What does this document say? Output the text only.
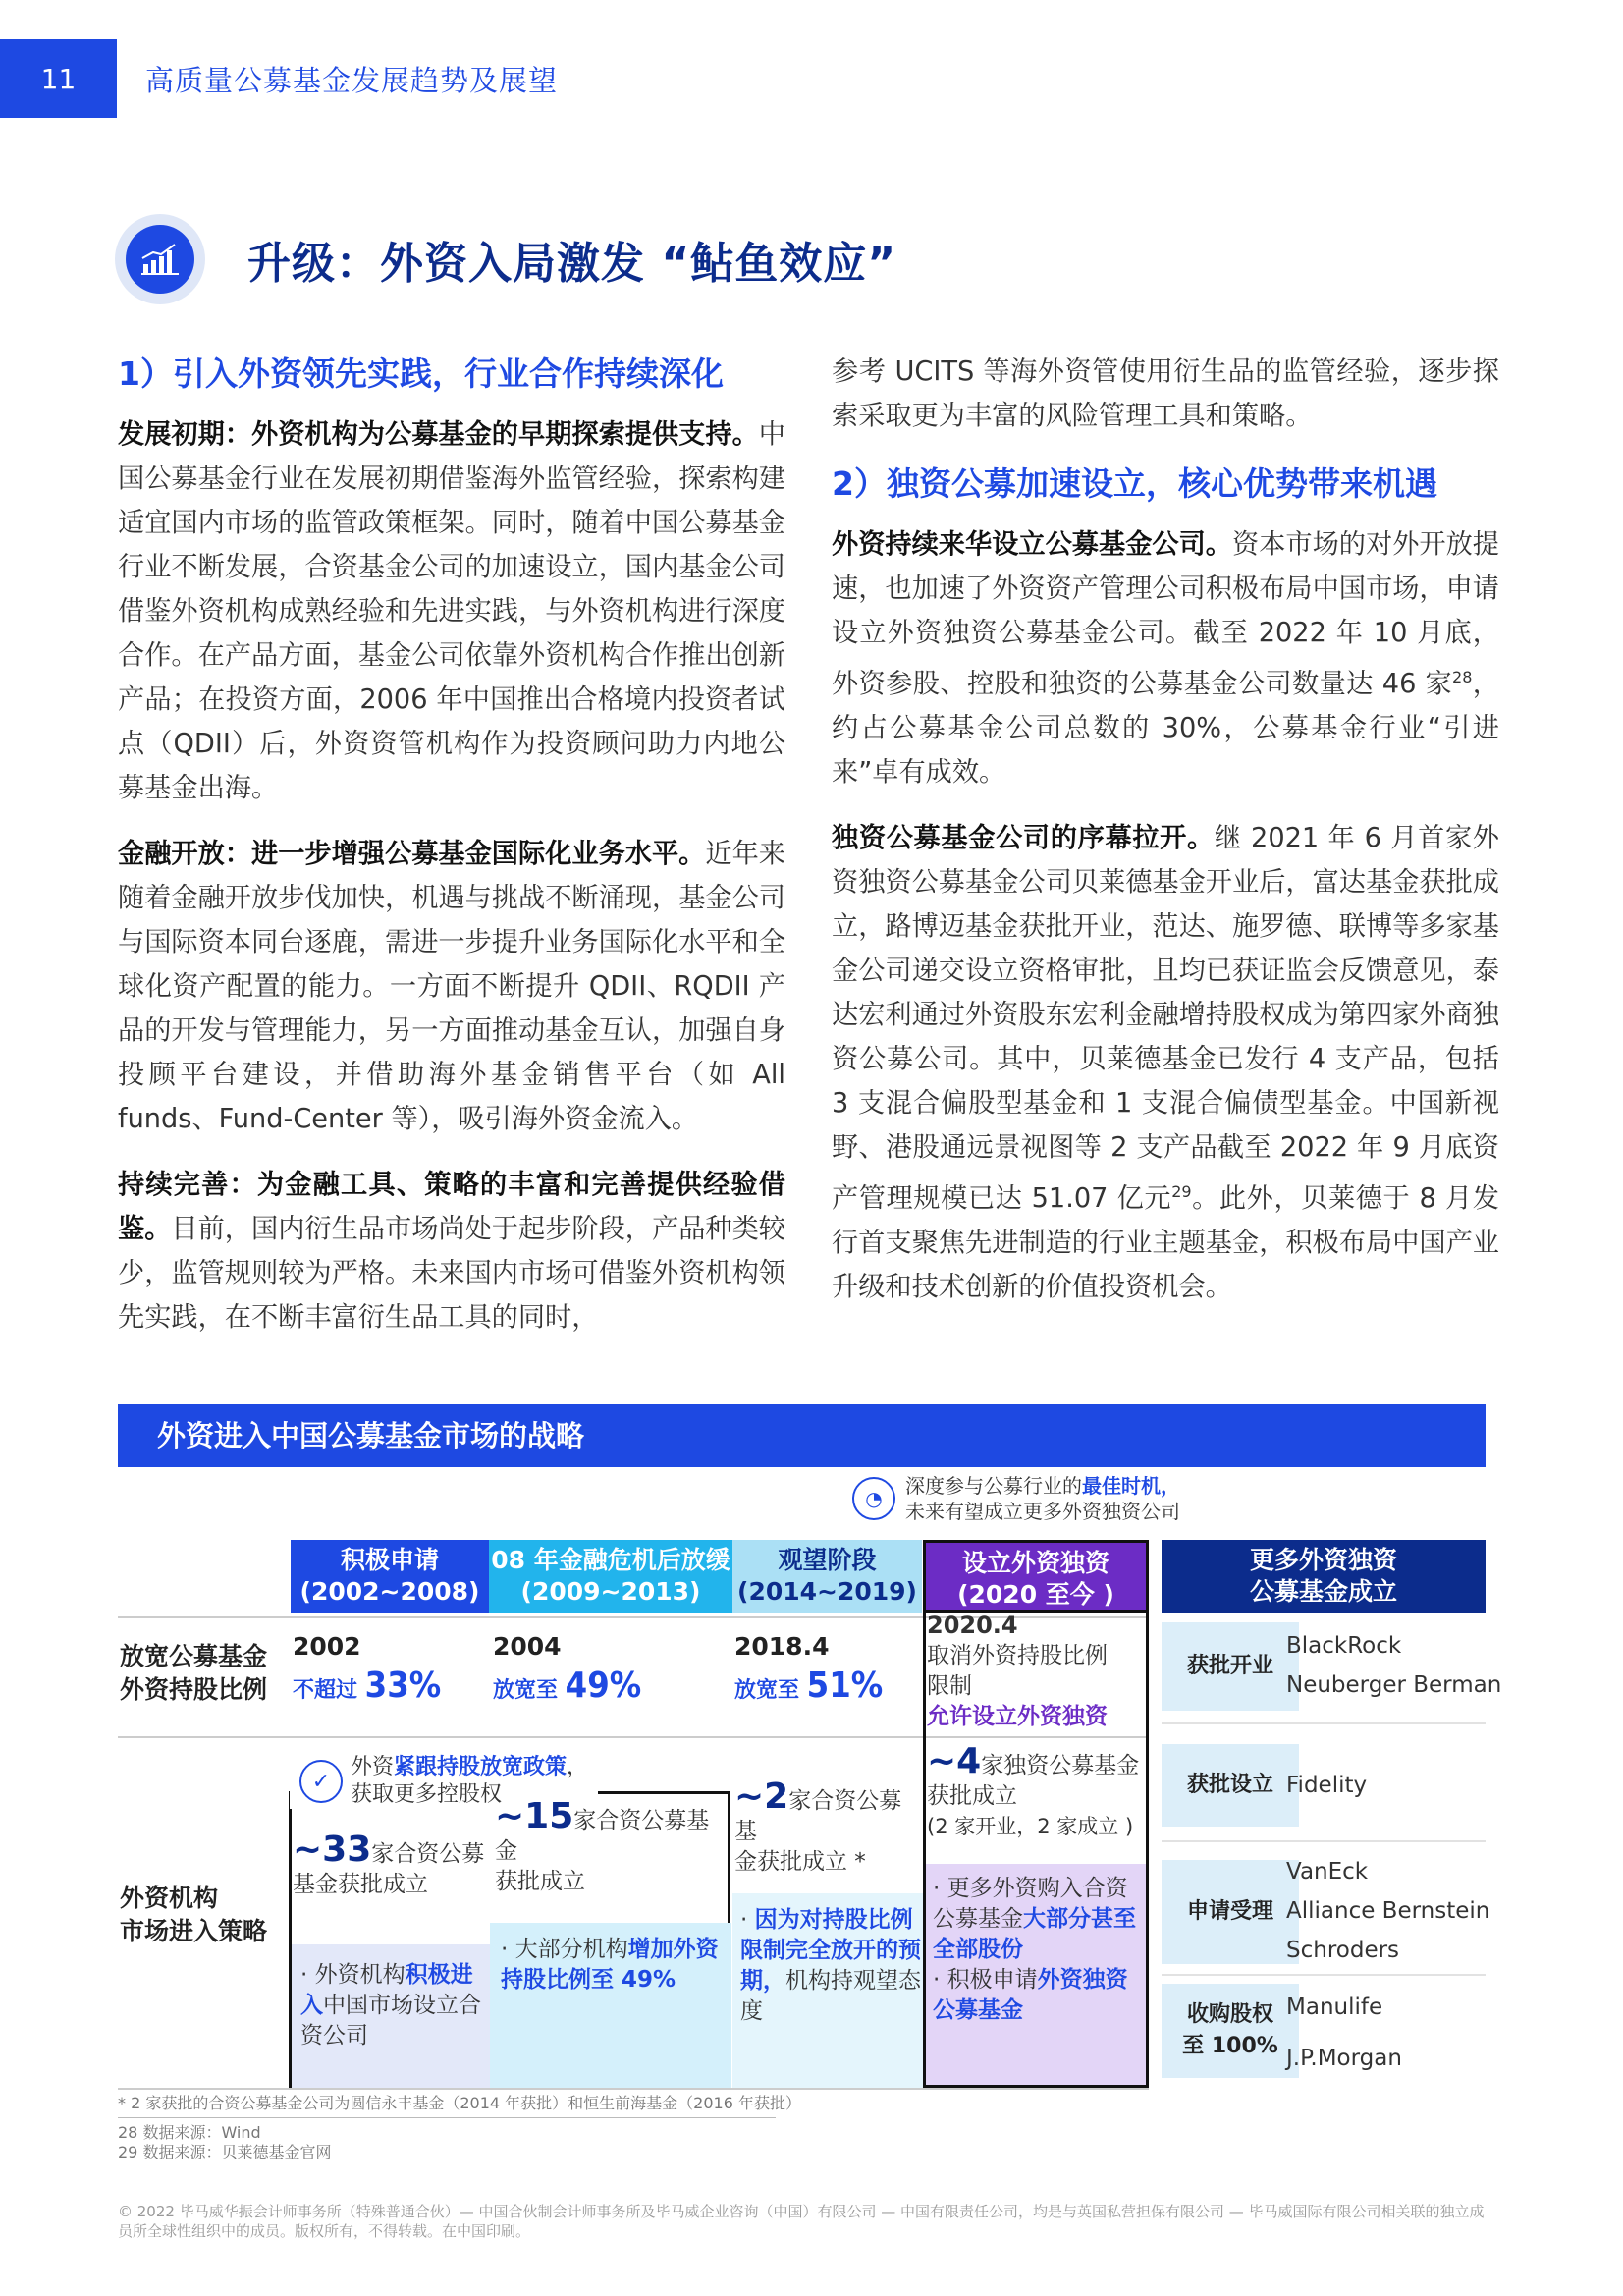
11	高质量公募基金发展趋势及展望
升级：外资入局激发 “鲇鱼效应”
1）引入外资领先实践，行业合作持续深化

发展初期：外资机构为公募基金的早期探索提供支持。中国公募基金行业在发展初期借鉴海外监管经验，探索构建适宜国内市场的监管政策框架。同时，随着中国公募基金行业不断发展，合资基金公司的加速设立，国内基金公司借鉴外资机构成熟经验和先进实践，与外资机构进行深度合作。在产品方面，基金公司依靠外资机构合作推出创新产品；在投资方面，2006 年中国推出合格境内投资者试点（QDII）后，外资资管机构作为投资顾问助力内地公募基金出海。

金融开放：进一步增强公募基金国际化业务水平。近年来随着金融开放步伐加快，机遇与挑战不断涌现，基金公司与国际资本同台逐鹿，需进一步提升业务国际化水平和全球化资产配置的能力。一方面不断提升 QDII、RQDII 产品的开发与管理能力，另一方面推动基金互认，加强自身投顾平台建设，并借助海外基金销售平台（如 All funds、Fund-Center 等），吸引海外资金流入。

持续完善：为金融工具、策略的丰富和完善提供经验借鉴。目前，国内衍生品市场尚处于起步阶段，产品种类较少，监管规则较为严格。未来国内市场可借鉴外资机构领先实践，在不断丰富衍生品工具的同时，

参考 UCITS 等海外资管使用衍生品的监管经验，逐步探索采取更为丰富的风险管理工具和策略。

2）独资公募加速设立，核心优势带来机遇

外资持续来华设立公募基金公司。资本市场的对外开放提速，也加速了外资资产管理公司积极布局中国市场，申请设立外资独资公募基金公司。截至 2022 年 10 月底，外资参股、控股和独资的公募基金公司数量达 46 家$^{28}$，约占公募基金公司总数的 30%，公募基金行业“引进来”卓有成效。

独资公募基金公司的序幕拉开。继 2021 年 6 月首家外资独资公募基金公司贝莱德基金开业后，富达基金获批成立，路博迈基金获批开业，范达、施罗德、联博等多家基金公司递交设立资格审批，且均已获证监会反馈意见，泰达宏利通过外资股东宏利金融增持股权成为第四家外商独资公募公司。其中，贝莱德基金已发行 4 支产品，包括 3 支混合偏股型基金和 1 支混合偏债型基金。中国新视野、港股通远景视图等 2 支产品截至 2022 年 9 月底资产管理规模已达 51.07 亿元$^{29}$。此外，贝莱德于 8 月发行首支聚焦先进制造的行业主题基金，积极布局中国产业升级和技术创新的价值投资机会。

外资进入中国公募基金市场的战略
◔
深度参与公募行业的最佳时机，
未来有望成立更多外资独资公司
积极申请
(2002~2008)
08 年金融危机后放缓
(2009~2013)
观望阶段
(2014~2019)
设立外资独资
(2020 至今 )
更多外资独资
公募基金成立
放宽公募基金
外资持股比例
外资机构
市场进入策略
2002
不超过 33%
2004
放宽至 49%
2018.4
放宽至 51%
2020.4
取消外资持股比例
限制
允许设立外资独资
✓
外资紧跟持股放宽政策，
获取更多控股权
~33家合资公募
基金获批成立
· 外资机构积极进入中国市场设立合资公司
~15家合资公募基金
获批成立
· 大部分机构增加外资持股比例至 49%
~2家合资公募基
金获批成立 *
· 因为对持股比例限制完全放开的预期，机构持观望态度
~4家独资公募基金
获批成立
(2 家开业，2 家成立 )
· 更多外资购入合资公募基金大部分甚至全部股份
· 积极申请外资独资公募基金
获批开业
BlackRock
Neuberger Berman
获批设立 Fidelity
申请受理
VanEck
Alliance Bernstein
Schroders
收购股权至 100%
Manulife
J.P.Morgan
* 2 家获批的合资公募基金公司为圆信永丰基金（2014 年获批）和恒生前海基金（2016 年获批）
28 数据来源：Wind
29 数据来源：贝莱德基金官网
© 2022 毕马威华振会计师事务所（特殊普通合伙）— 中国合伙制会计师事务所及毕马威企业咨询（中国）有限公司 — 中国有限责任公司，均是与英国私营担保有限公司 — 毕马威国际有限公司相关联的独立成员所全球性组织中的成员。版权所有，不得转载。在中国印刷。
